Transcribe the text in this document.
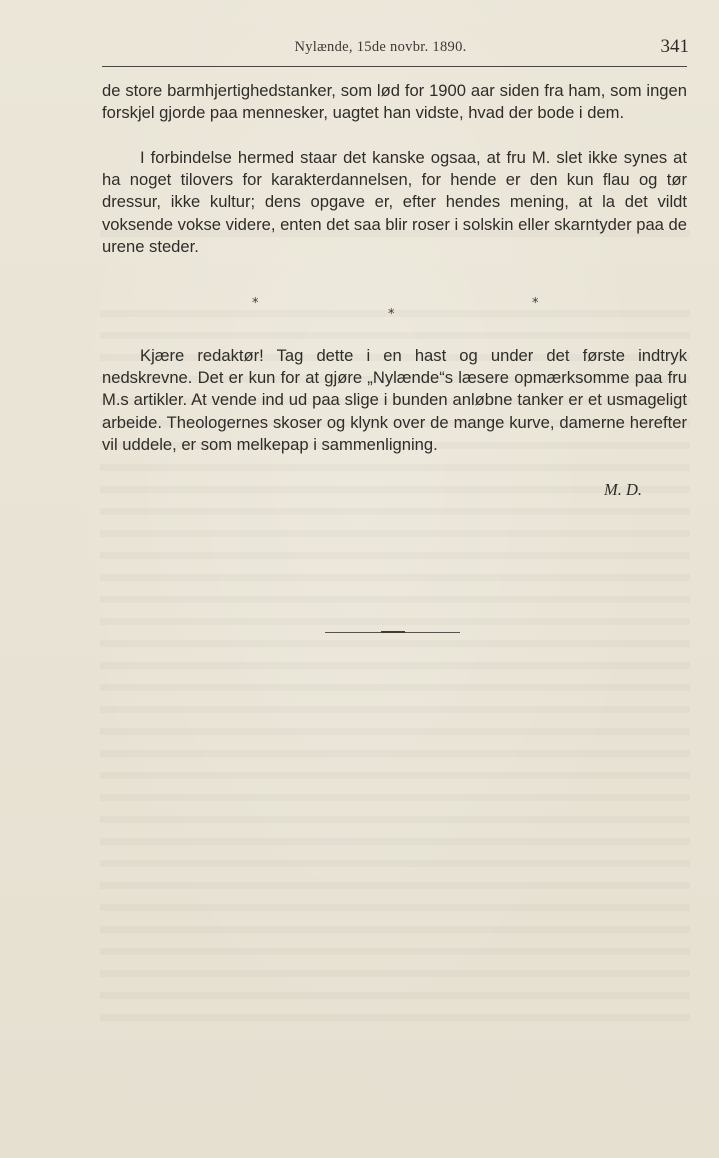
Nylænde, 15de novbr. 1890.	341

de store barmhjertighedstanker, som lød for 1900 aar siden fra ham, som ingen forskjel gjorde paa mennesker, uagtet han vidste, hvad der bode i dem.

I forbindelse hermed staar det kanske ogsaa, at fru M. slet ikke synes at ha noget tilovers for karakterdannelsen, for hende er den kun flau og tør dressur, ikke kultur; dens opgave er, efter hendes mening, at la det vildt voksende vokse videre, enten det saa blir roser i solskin eller skarntyder paa de urene steder.

*
*
*

Kjære redaktør! Tag dette i en hast og under det første indtryk nedskrevne. Det er kun for at gjøre „Nylænde“s læsere opmærksomme paa fru M.s artikler. At vende ind ud paa slige i bunden anløbne tanker er et usmageligt arbeide. Theologernes skoser og klynk over de mange kurve, damerne herefter vil uddele, er som melkepap i sammenligning.

M. D.
